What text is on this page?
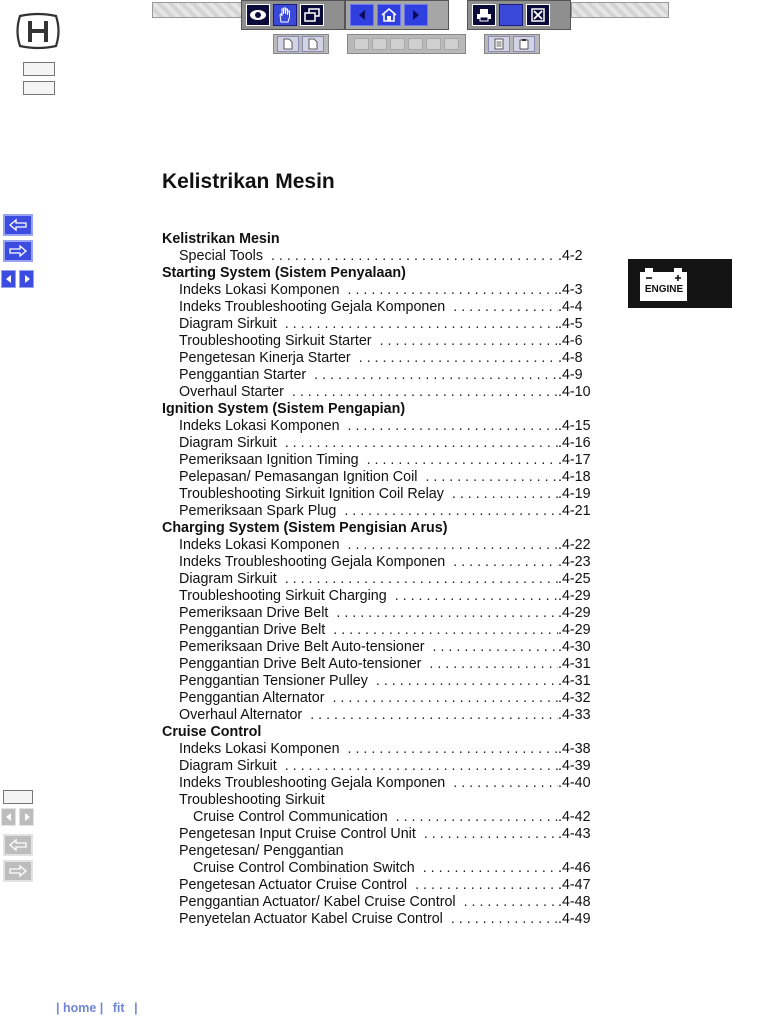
Kelistrikan Mesin
Kelistrikan Mesin
Special Tools . . .	.4-2
Starting System (Sistem Penyalaan)
Indeks Lokasi Komponen . . .	.4-3
Indeks Troubleshooting Gejala Komponen . . .	.4-4
Diagram Sirkuit . . .	.4-5
Troubleshooting Sirkuit Starter . . .	.4-6
Pengetesan Kinerja Starter . . .	.4-8
Penggantian Starter . . .	.4-9
Overhaul Starter . . .	.4-10
Ignition System (Sistem Pengapian)
Indeks Lokasi Komponen . . .	.4-15
Diagram Sirkuit . . .	.4-16
Pemeriksaan Ignition Timing . . .	.4-17
Pelepasan/ Pemasangan Ignition Coil . . .	.4-18
Troubleshooting Sirkuit Ignition Coil Relay . . .	.4-19
Pemeriksaan Spark Plug . . .	.4-21
Charging System (Sistem Pengisian Arus)
Indeks Lokasi Komponen . . .	.4-22
Indeks Troubleshooting Gejala Komponen . . .	.4-23
Diagram Sirkuit . . .	.4-25
Troubleshooting Sirkuit Charging . . .	.4-29
Pemeriksaan Drive Belt . . .	.4-29
Penggantian Drive Belt . . .	.4-29
Pemeriksaan Drive Belt Auto-tensioner . . .	.4-30
Penggantian Drive Belt Auto-tensioner . . .	.4-31
Penggantian Tensioner Pulley . . .	.4-31
Penggantian Alternator . . .	.4-32
Overhaul Alternator . . .	.4-33
Cruise Control
Indeks Lokasi Komponen . . .	.4-38
Diagram Sirkuit . . .	.4-39
Indeks Troubleshooting Gejala Komponen . . .	.4-40
Troubleshooting Sirkuit
Cruise Control Communication . . .	.4-42
Pengetesan Input Cruise Control Unit . . .	.4-43
Pengetesan/ Penggantian
Cruise Control Combination Switch . . .	.4-46
Pengetesan Actuator Cruise Control . . .	.4-47
Penggantian Actuator/ Kabel Cruise Control . . .	.4-48
Penyetelan Actuator Kabel Cruise Control . . .	.4-49
ENGINE
| home | fit |
